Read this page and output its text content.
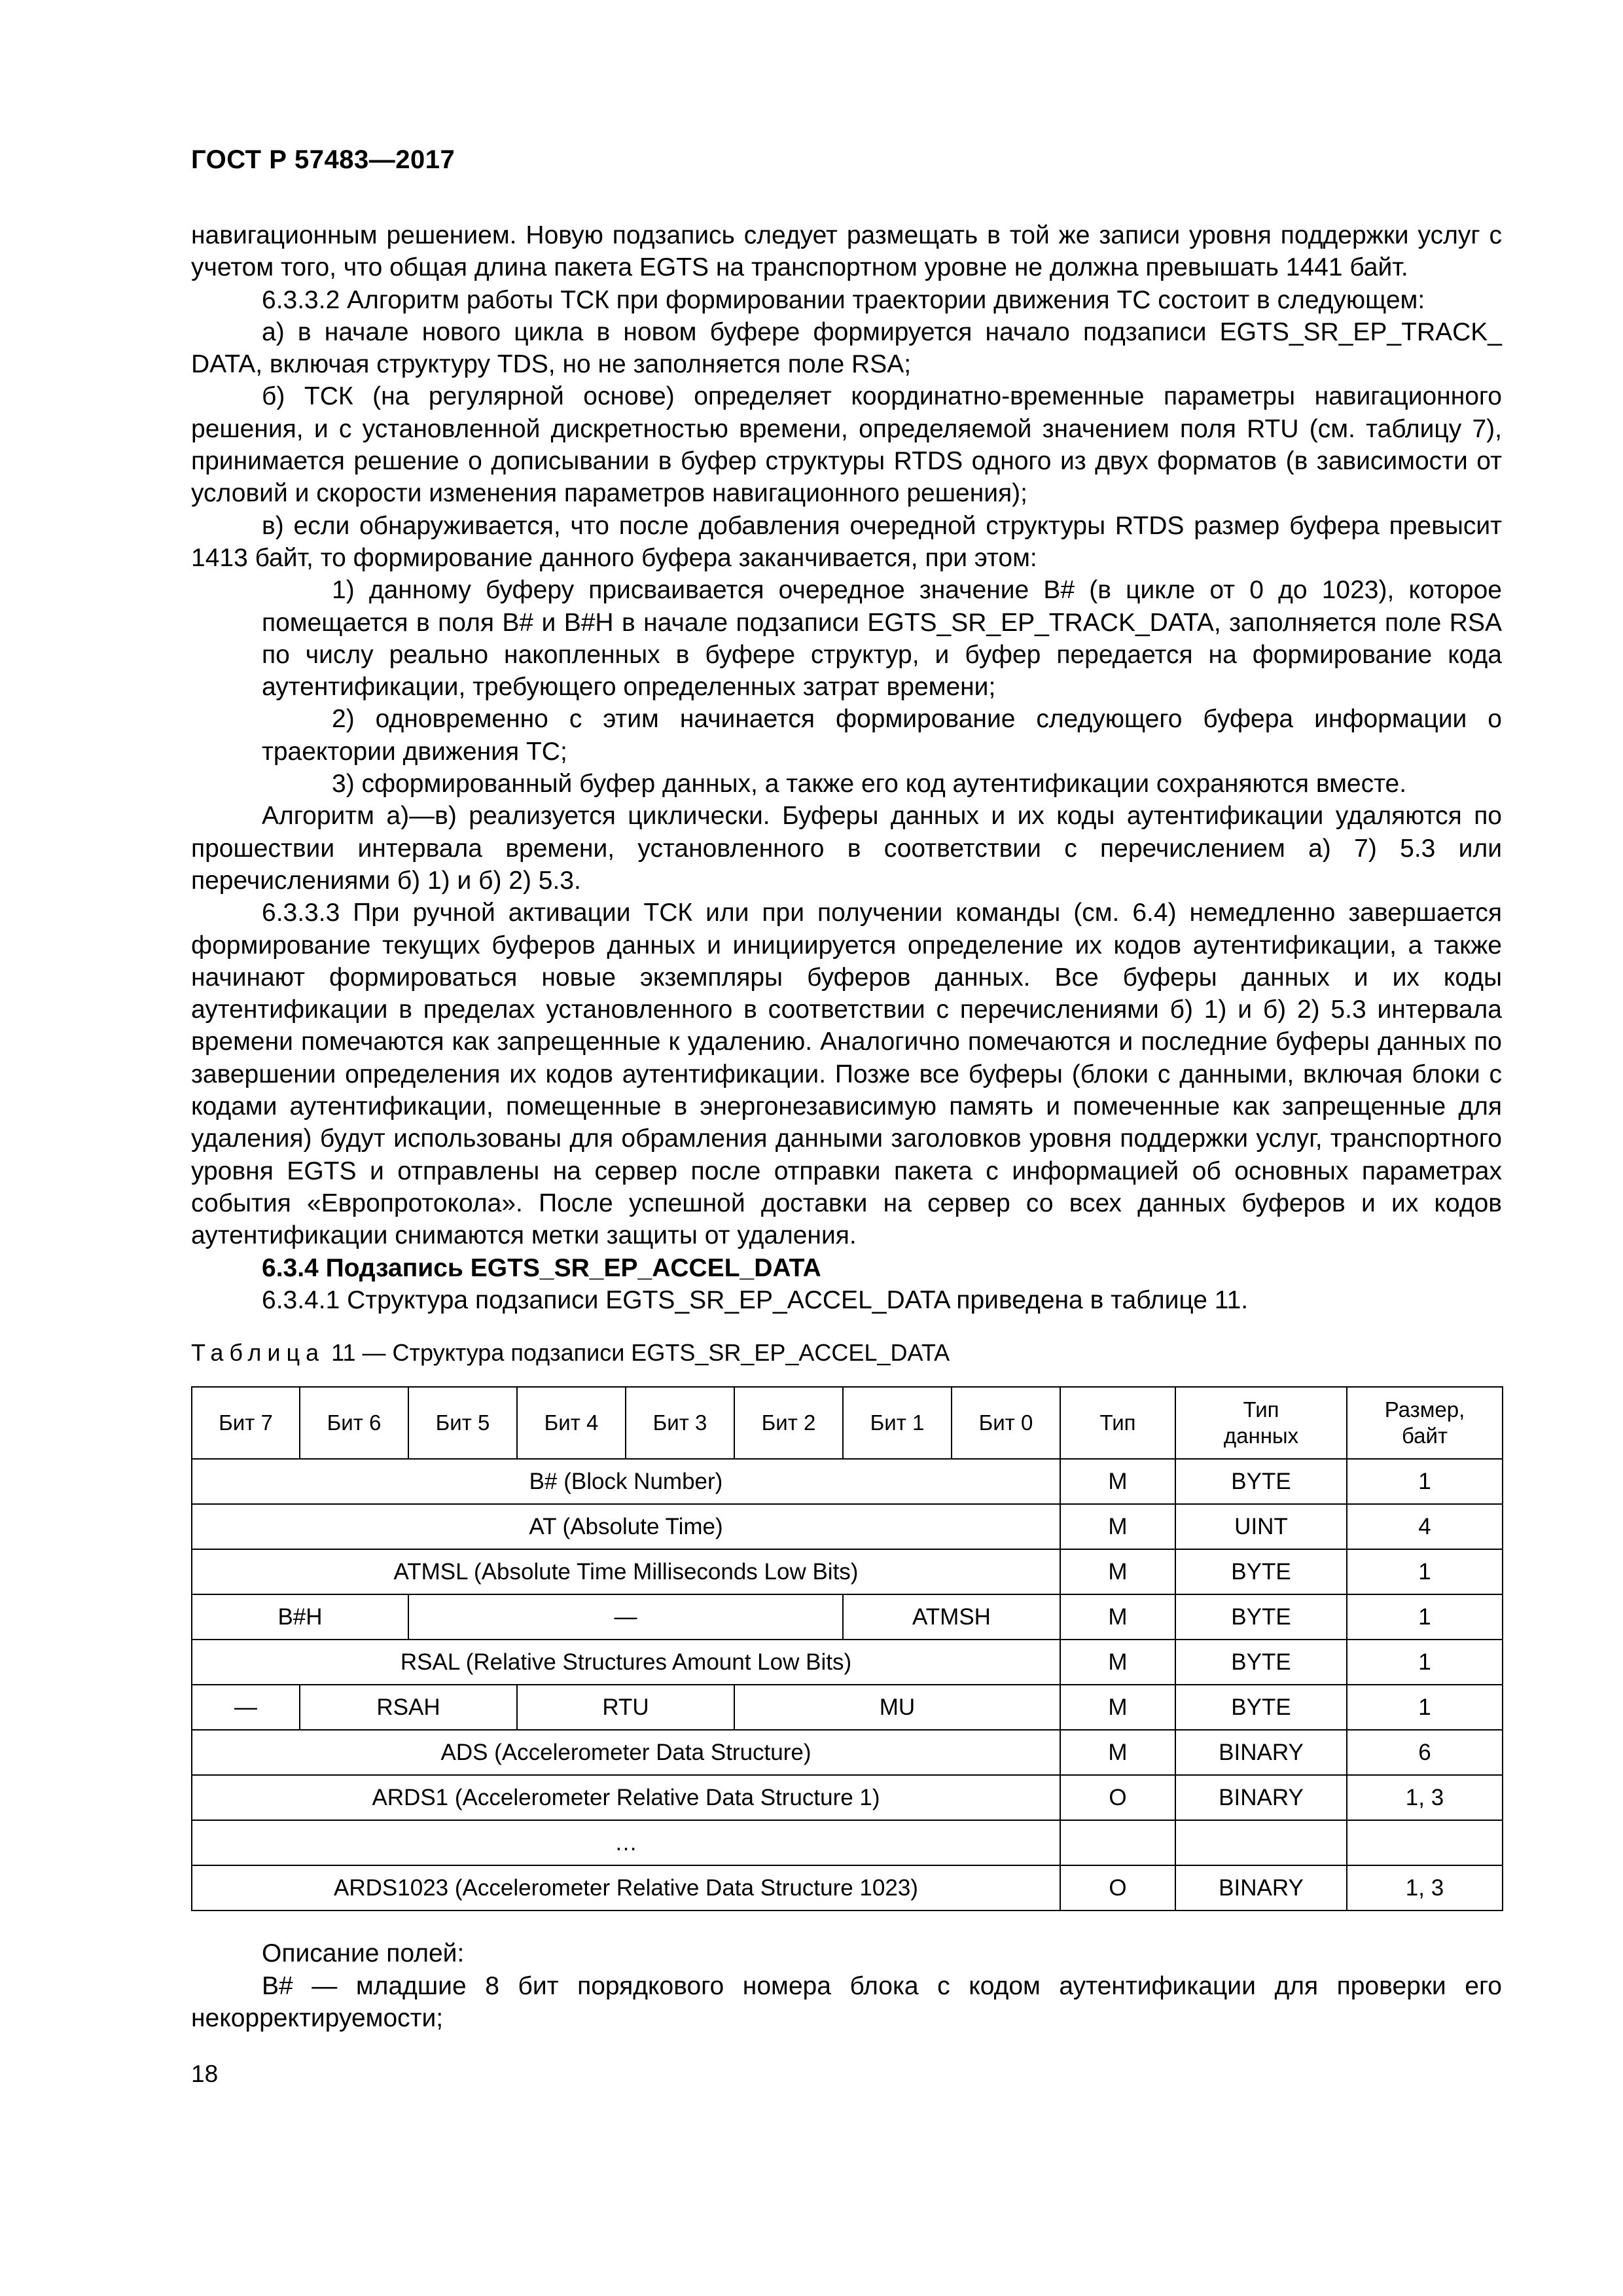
ГОСТ Р 57483—2017

навигационным решением. Новую подзапись следует размещать в той же записи уровня поддержки услуг с учетом того, что общая длина пакета EGTS на транспортном уровне не должна превышать 1441 байт.

6.3.3.2 Алгоритм работы ТСК при формировании траектории движения ТС состоит в следующем:

а) в начале нового цикла в новом буфере формируется начало подзаписи EGTS_SR_EP_TRACK_ DATA, включая структуру TDS, но не заполняется поле RSA;

б) ТСК (на регулярной основе) определяет координатно-временные параметры навигационного решения, и с установленной дискретностью времени, определяемой значением поля RTU (см. таблицу 7), принимается решение о дописывании в буфер структуры RTDS одного из двух форматов (в зависимости от условий и скорости изменения параметров навигационного решения);

в) если обнаруживается, что после добавления очередной структуры RTDS размер буфера превысит 1413 байт, то формирование данного буфера заканчивается, при этом:

1) данному буферу присваивается очередное значение B# (в цикле от 0 до 1023), которое помещается в поля B# и B#H в начале подзаписи EGTS_SR_EP_TRACK_DATA, заполняется поле RSA по числу реально накопленных в буфере структур, и буфер передается на формирование кода аутентификации, требующего определенных затрат времени;

2) одновременно с этим начинается формирование следующего буфера информации о траектории движения ТС;

3) сформированный буфер данных, а также его код аутентификации сохраняются вместе.

Алгоритм а)—в) реализуется циклически. Буферы данных и их коды аутентификации удаляются по прошествии интервала времени, установленного в соответствии с перечислением а) 7) 5.3 или перечислениями б) 1) и б) 2) 5.3.

6.3.3.3 При ручной активации ТСК или при получении команды (см. 6.4) немедленно завершается формирование текущих буферов данных и инициируется определение их кодов аутентификации, а также начинают формироваться новые экземпляры буферов данных. Все буферы данных и их коды аутентификации в пределах установленного в соответствии с перечислениями б) 1) и б) 2) 5.3 интервала времени помечаются как запрещенные к удалению. Аналогично помечаются и последние буферы данных по завершении определения их кодов аутентификации. Позже все буферы (блоки с данными, включая блоки с кодами аутентификации, помещенные в энергонезависимую память и помеченные как запрещенные для удаления) будут использованы для обрамления данными заголовков уровня поддержки услуг, транспортного уровня EGTS и отправлены на сервер после отправки пакета с информацией об основных параметрах события «Европротокола». После успешной доставки на сервер со всех данных буферов и их кодов аутентификации снимаются метки защиты от удаления.

6.3.4 Подзапись EGTS_SR_EP_ACCEL_DATA

6.3.4.1 Структура подзаписи EGTS_SR_EP_ACCEL_DATA приведена в таблице 11.

Таблица 11 — Структура подзаписи EGTS_SR_EP_ACCEL_DATA
Бит 7	Бит 6	Бит 5	Бит 4	Бит 3	Бит 2	Бит 1	Бит 0	Тип	Тип
данных	Размер,
байт
B# (Block Number)								M	BYTE	1
AT (Absolute Time)								M	UINT	4
ATMSL (Absolute Time Milliseconds Low Bits)								M	BYTE	1
B#H		—				ATMSH		M	BYTE	1
RSAL (Relative Structures Amount Low Bits)								M	BYTE	1
—	RSAH		RTU		MU			M	BYTE	1
ADS (Accelerometer Data Structure)								M	BINARY	6
ARDS1 (Accelerometer Relative Data Structure 1)								O	BINARY	1, 3
…										
ARDS1023 (Accelerometer Relative Data Structure 1023)								O	BINARY	1, 3

Описание полей:

B# — младшие 8 бит порядкового номера блока с кодом аутентификации для проверки его некорректируемости;

18
